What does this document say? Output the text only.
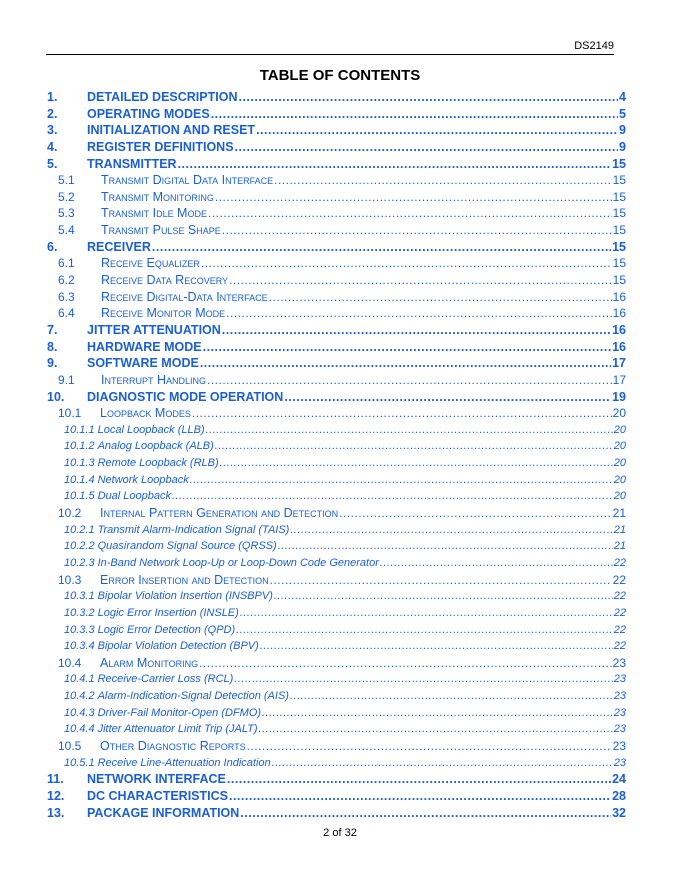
DS2149
TABLE OF CONTENTS
1.	DETAILED DESCRIPTION .....	4
2.	OPERATING MODES .....	5
3.	INITIALIZATION AND RESET .....	9
4.	REGISTER DEFINITIONS .....	9
5.	TRANSMITTER .....	15
5.1	Transmit Digital Data Interface .....	15
5.2	Transmit Monitoring .....	15
5.3	Transmit Idle Mode .....	15
5.4	Transmit Pulse Shape .....	15
6.	RECEIVER .....	15
6.1	Receive Equalizer .....	15
6.2	Receive Data Recovery .....	15
6.3	Receive Digital-Data Interface .....	16
6.4	Receive Monitor Mode .....	16
7.	JITTER ATTENUATION .....	16
8.	HARDWARE MODE .....	16
9.	SOFTWARE MODE .....	17
9.1	Interrupt Handling .....	17
10.	DIAGNOSTIC MODE OPERATION .....	19
10.1	Loopback Modes .....	20
10.1.1 Local Loopback (LLB) .....	20
10.1.2 Analog Loopback (ALB) .....	20
10.1.3 Remote Loopback (RLB) .....	20
10.1.4 Network Loopback .....	20
10.1.5 Dual Loopback .....	20
10.2	Internal Pattern Generation and Detection .....	21
10.2.1 Transmit Alarm-Indication Signal (TAIS) .....	21
10.2.2 Quasirandom Signal Source (QRSS) .....	21
10.2.3 In-Band Network Loop-Up or Loop-Down Code Generator .....	22
10.3	Error Insertion and Detection .....	22
10.3.1 Bipolar Violation Insertion (INSBPV) .....	22
10.3.2 Logic Error Insertion (INSLE) .....	22
10.3.3 Logic Error Detection (QPD) .....	22
10.3.4 Bipolar Violation Detection (BPV) .....	22
10.4	Alarm Monitoring .....	23
10.4.1 Receive-Carrier Loss (RCL) .....	23
10.4.2 Alarm-Indication-Signal Detection (AIS) .....	23
10.4.3 Driver-Fail Monitor-Open (DFMO) .....	23
10.4.4 Jitter Attenuator Limit Trip (JALT) .....	23
10.5	Other Diagnostic Reports .....	23
10.5.1 Receive Line-Attenuation Indication .....	23
11.	NETWORK INTERFACE .....	24
12.	DC CHARACTERISTICS .....	28
13.	PACKAGE INFORMATION .....	32
2 of 32
